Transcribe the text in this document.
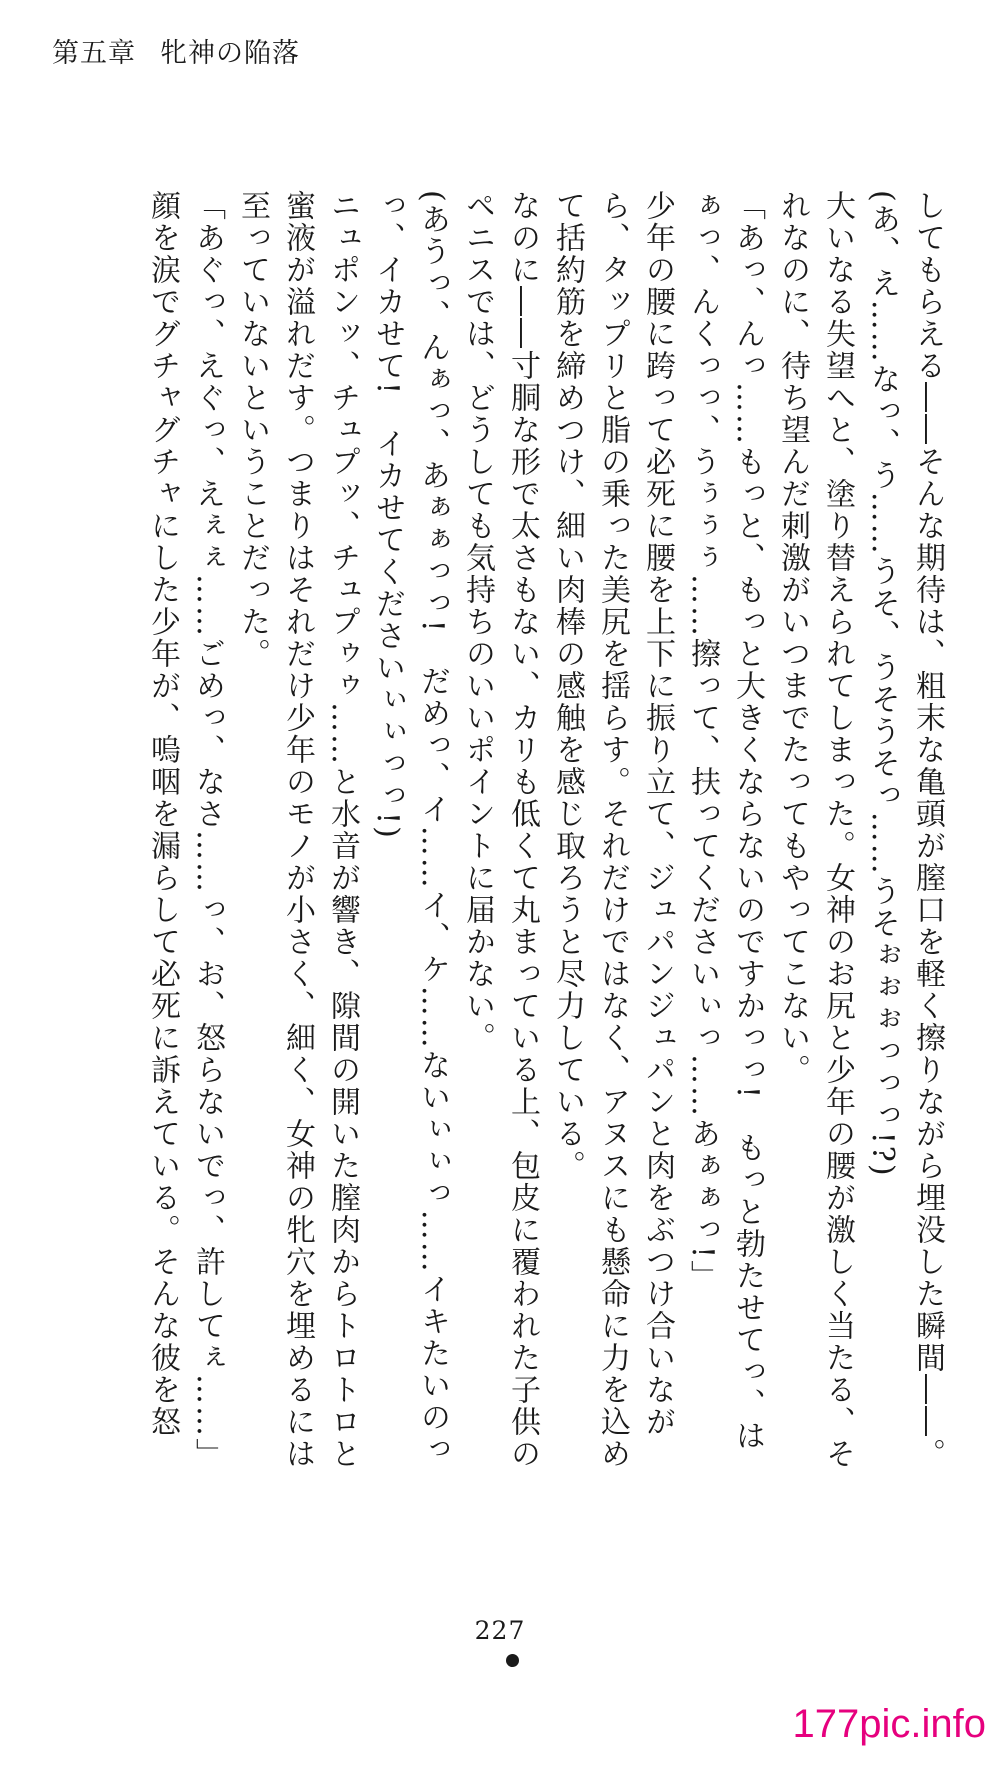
第五章 牝神の陥落

してもらえる――そんな期待は、粗末な亀頭が膣口を軽く擦りながら埋没した瞬間――。

(あ、え……なっ、う……うそ、うそうそっ……うそぉぉぉっっっ!?)

大いなる失望へと、塗り替えられてしまった。女神のお尻と少年の腰が激しく当たる、それなのに、待ち望んだ刺激がいつまでたってもやってこない。

「あっ、んっ……もっと、もっと大きくならないのですかっっ!　もっと勃たせてっ、はぁっ、んくっっ、うぅぅぅ……擦って、扶ってくださいぃっ……あぁぁっ!」

少年の腰に跨って必死に腰を上下に振り立て、ジュパンジュパンと肉をぶつけ合いながら、タップリと脂の乗った美尻を揺らす。それだけではなく、アヌスにも懸命に力を込めて括約筋を締めつけ、細い肉棒の感触を感じ取ろうと尽力している。

なのに――寸胴な形で太さもない、カリも低くて丸まっている上、包皮に覆われた子供のペニスでは、どうしても気持ちのいいポイントに届かない。

(あうっ、んぁっ、あぁぁっっ!　だめっ、イ……イ、ケ……ないぃぃっ……イキたいのっっ、イカせて!　イカせてくださいぃぃっっ!)

ニュポンッ、チュプッ、チュプゥゥ……と水音が響き、隙間の開いた膣肉からトロトロと蜜液が溢れだす。つまりはそれだけ少年のモノが小さく、細く、女神の牝穴を埋めるには至っていないということだった。

「あぐっ、えぐっ、えぇぇ……ごめっ、なさ……っ、お、怒らないでっ、許してぇ……」

顔を涙でグチャグチャにした少年が、嗚咽を漏らして必死に訴えている。そんな彼を怒

227
177pic.info
